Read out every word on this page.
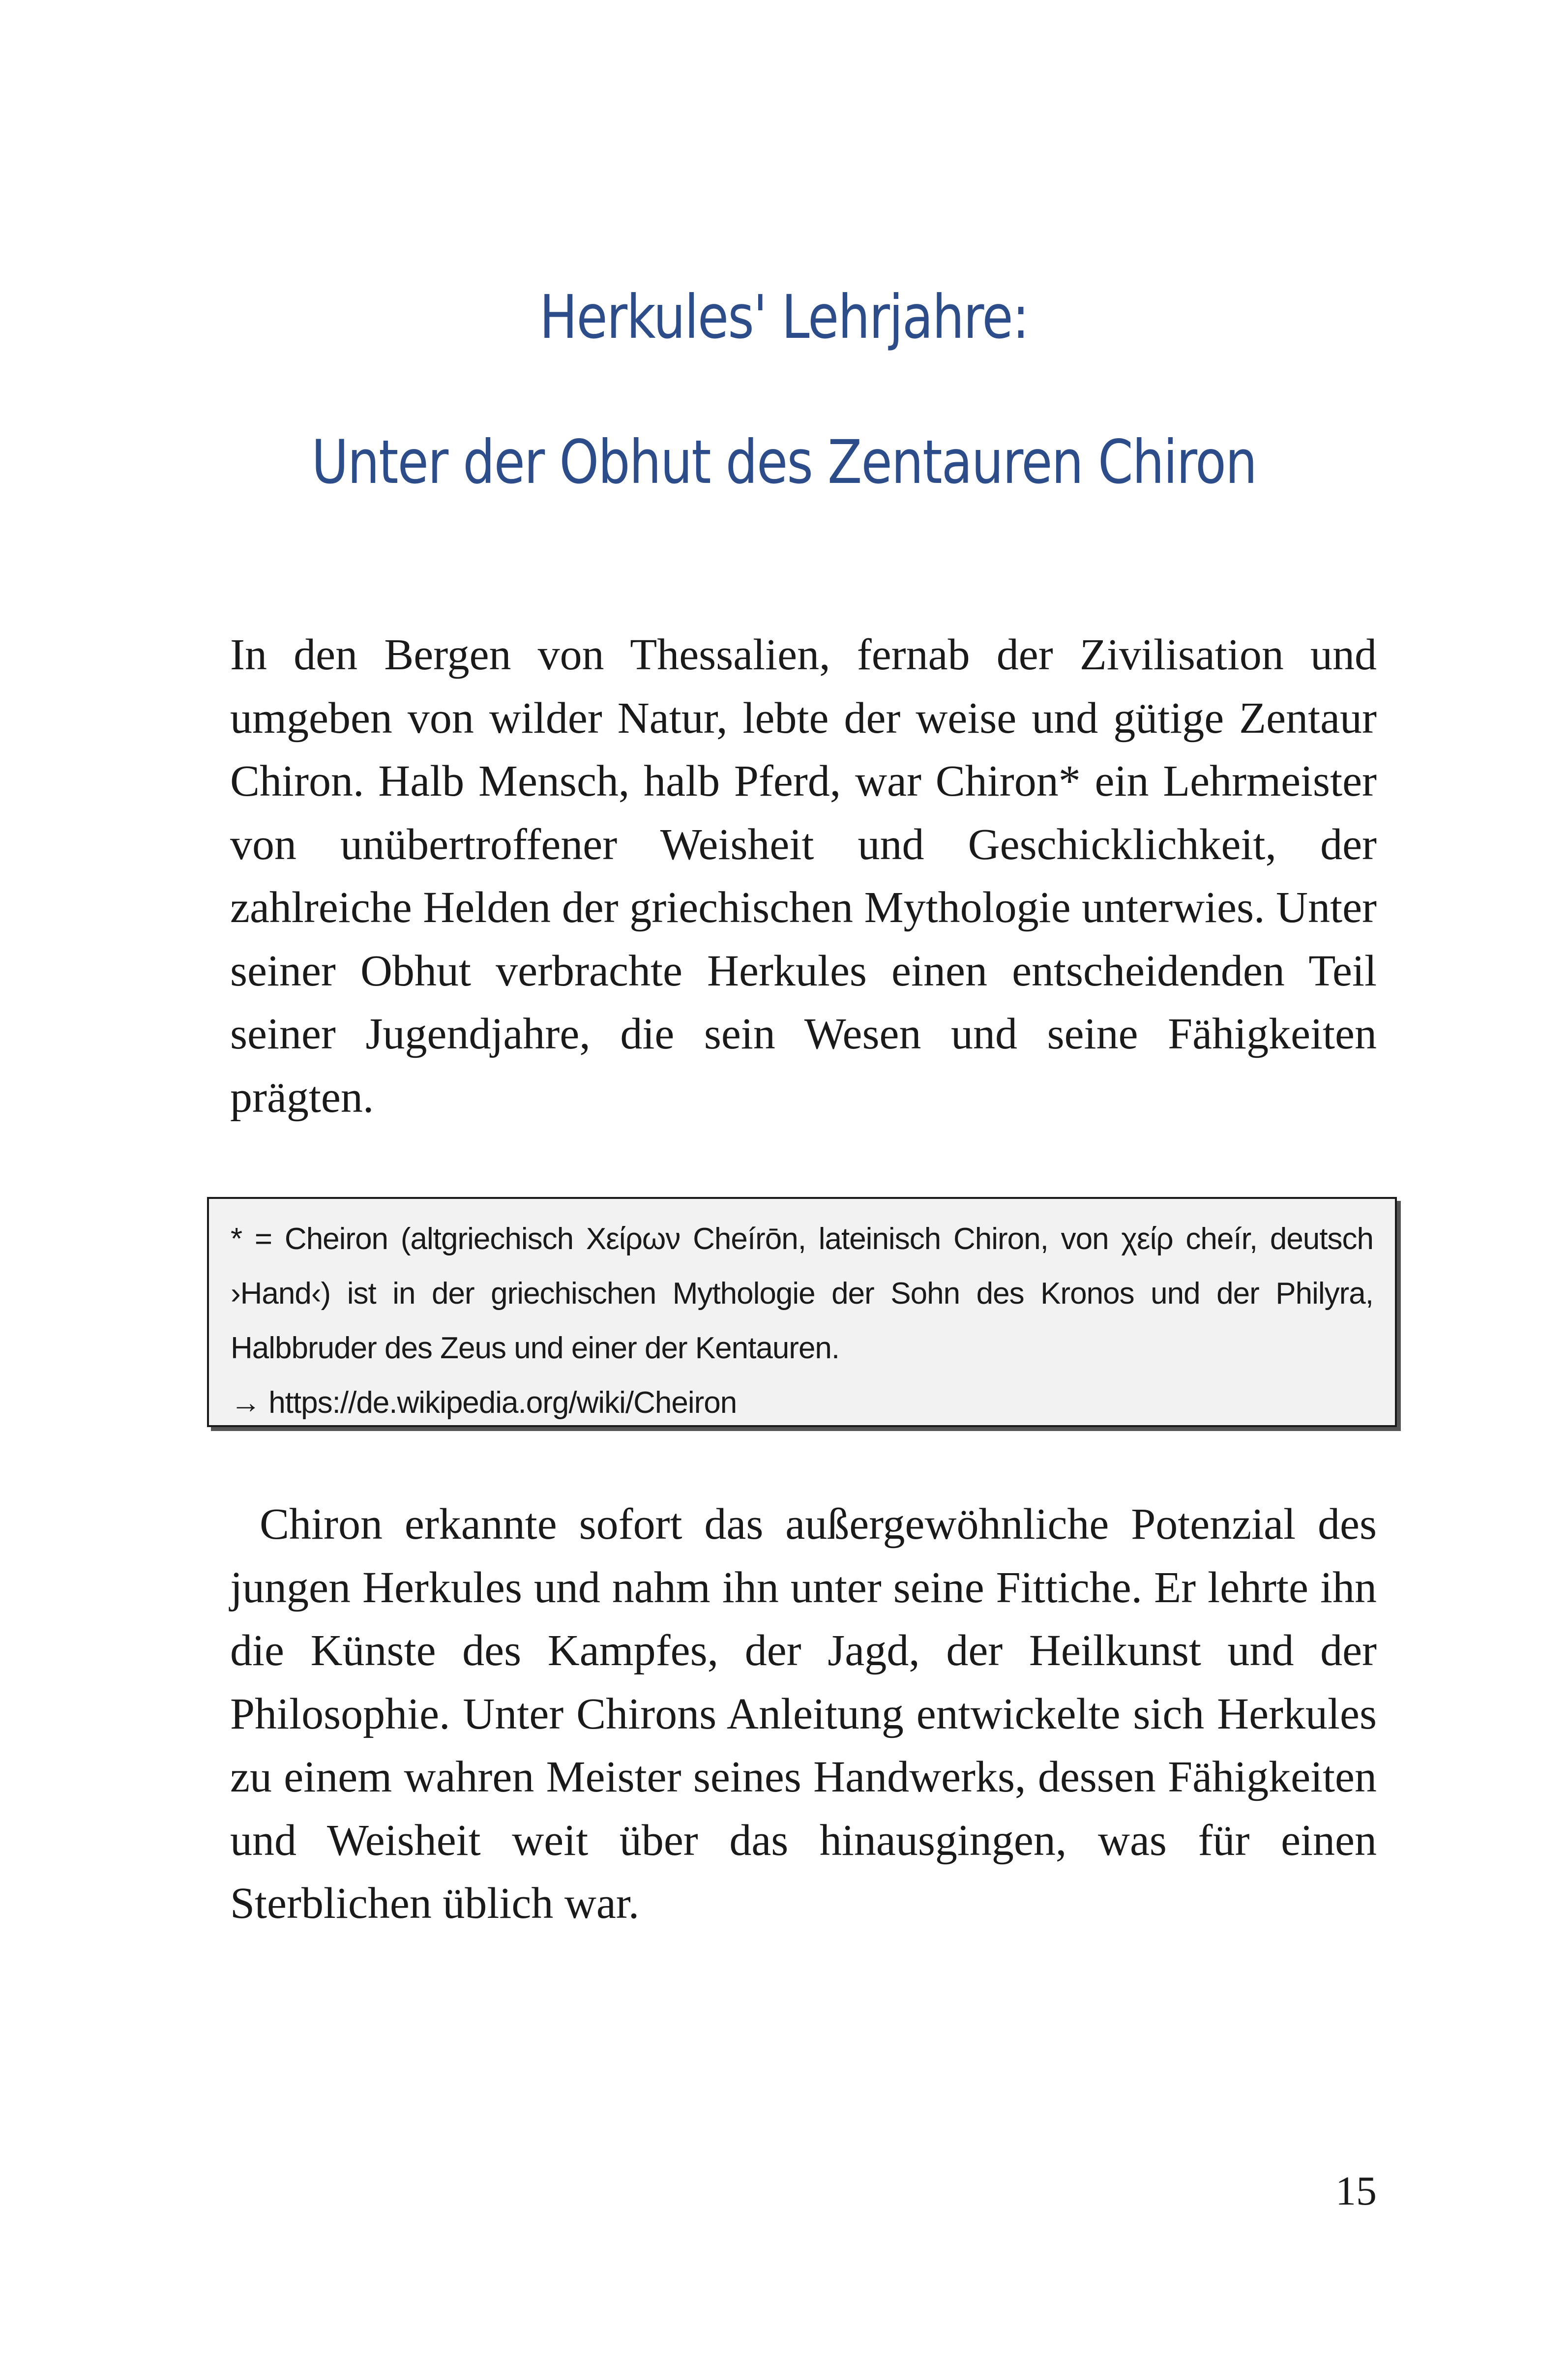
Herkules' Lehrjahre:
Unter der Obhut des Zentauren Chiron

In den Bergen von Thessalien, fernab der Zivilisation und umgeben von wilder Natur, lebte der weise und gütige Zentaur Chiron. Halb Mensch, halb Pferd, war Chiron* ein Lehrmeister von unübertroffener Weisheit und Geschicklichkeit, der zahlreiche Helden der griechischen Mythologie unterwies. Unter seiner Obhut verbrachte Herkules einen entscheidenden Teil seiner Jugendjahre, die sein Wesen und seine Fähigkeiten prägten.

* = Cheiron (altgriechisch Χείρων Cheírōn, lateinisch Chiron, von χείρ cheír, deutsch ›Hand‹) ist in der griechischen Mythologie der Sohn des Kronos und der Philyra, Halbbruder des Zeus und einer der Kentauren.
→ https://de.wikipedia.org/wiki/Cheiron

Chiron erkannte sofort das außergewöhnliche Potenzial des jungen Herkules und nahm ihn unter seine Fittiche. Er lehrte ihn die Künste des Kampfes, der Jagd, der Heilkunst und der Philosophie. Unter Chirons Anleitung entwickelte sich Herkules zu einem wahren Meister seines Handwerks, dessen Fähigkeiten und Weisheit weit über das hinausgingen, was für einen Sterblichen üblich war.

15
